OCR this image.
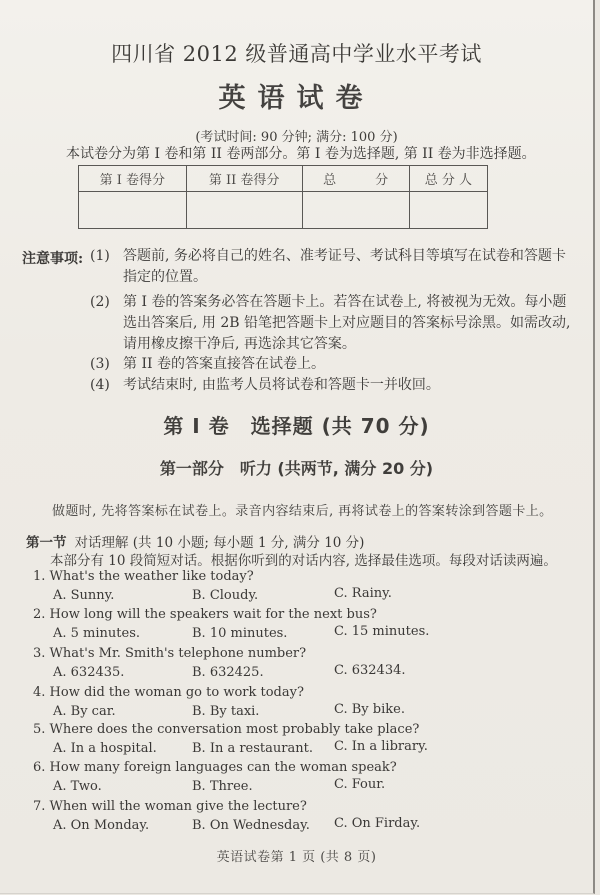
四川省 2012 级普通高中学业水平考试
英语试卷
(考试时间: 90 分钟; 满分: 100 分)
本试卷分为第 I 卷和第 II 卷两部分。第 I 卷为选择题, 第 II 卷为非选择题。
第 I 卷得分	第 II 卷得分	总　　　分	总 分 人

注意事项: (1) 答题前, 务必将自己的姓名、准考证号、考试科目等填写在试卷和答题卡指定的位置。
(2) 第 I 卷的答案务必答在答题卡上。若答在试卷上, 将被视为无效。每小题选出答案后, 用 2B 铅笔把答题卡上对应题目的答案标号涂黑。如需改动, 请用橡皮擦干净后, 再选涂其它答案。
(3) 第 II 卷的答案直接答在试卷上。
(4) 考试结束时, 由监考人员将试卷和答题卡一并收回。
第 I 卷　选择题 (共 70 分)
第一部分　听力 (共两节, 满分 20 分)
做题时, 先将答案标在试卷上。录音内容结束后, 再将试卷上的答案转涂到答题卡上。
第一节 对话理解 (共 10 小题; 每小题 1 分, 满分 10 分)
本部分有 10 段简短对话。根据你听到的对话内容, 选择最佳选项。每段对话读两遍。
1. What's the weather like today?
A. Sunny.	B. Cloudy.	C. Rainy.
2. How long will the speakers wait for the next bus?
A. 5 minutes.	B. 10 minutes.	C. 15 minutes.
3. What's Mr. Smith's telephone number?
A. 632435.	B. 632425.	C. 632434.
4. How did the woman go to work today?
A. By car.	B. By taxi.	C. By bike.
5. Where does the conversation most probably take place?
A. In a hospital.	B. In a restaurant. C. In a library.
6. How many foreign languages can the woman speak?
A. Two.	B. Three.	C. Four.
7. When will the woman give the lecture?
A. On Monday.	B. On Wednesday. C. On Firday.
英语试卷第 1 页 (共 8 页)
